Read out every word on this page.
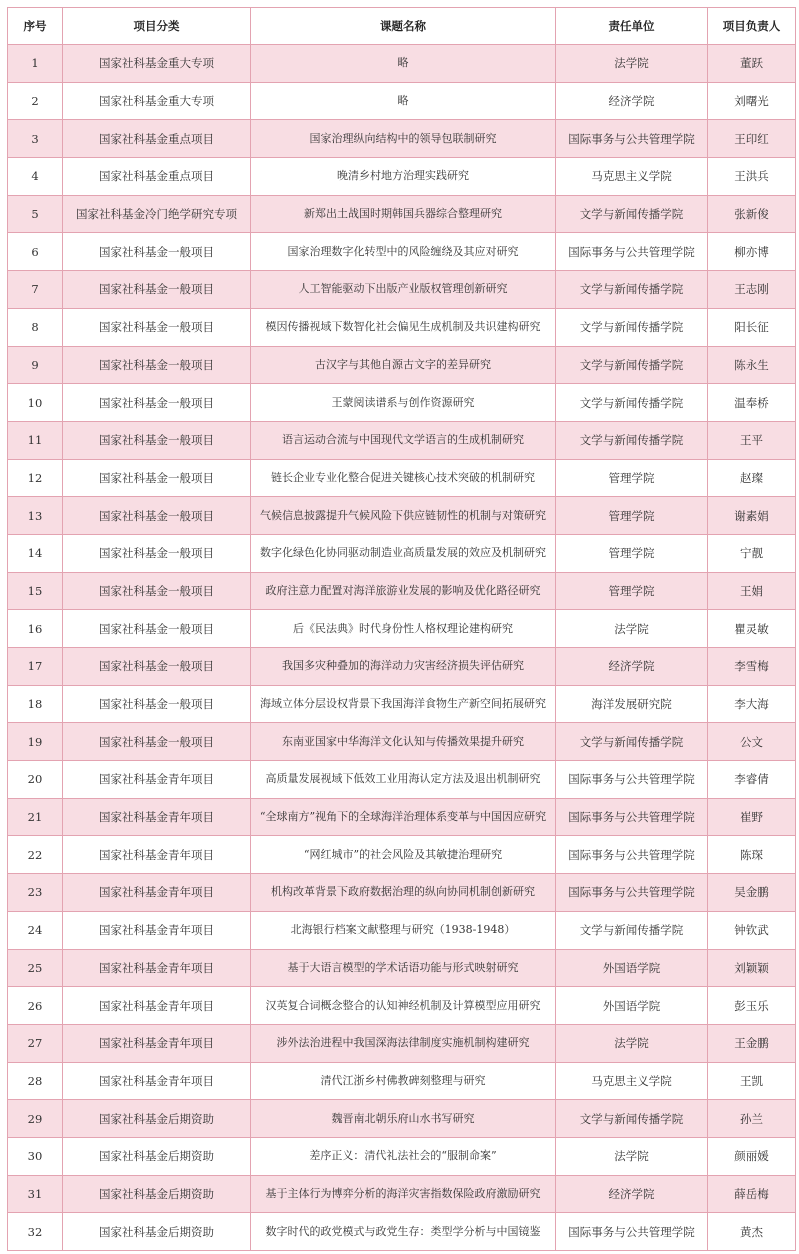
序号	项目分类	课题名称	责任单位	项目负责人
1	国家社科基金重大专项	略	法学院	董跃
2	国家社科基金重大专项	略	经济学院	刘曙光
3	国家社科基金重点项目	国家治理纵向结构中的领导包联制研究	国际事务与公共管理学院	王印红
4	国家社科基金重点项目	晚清乡村地方治理实践研究	马克思主义学院	王洪兵
5	国家社科基金冷门绝学研究专项	新郑出土战国时期韩国兵器综合整理研究	文学与新闻传播学院	张新俊
6	国家社科基金一般项目	国家治理数字化转型中的风险缠绕及其应对研究	国际事务与公共管理学院	柳亦博
7	国家社科基金一般项目	人工智能驱动下出版产业版权管理创新研究	文学与新闻传播学院	王志刚
8	国家社科基金一般项目	模因传播视域下数智化社会偏见生成机制及共识建构研究	文学与新闻传播学院	阳长征
9	国家社科基金一般项目	古汉字与其他自源古文字的差异研究	文学与新闻传播学院	陈永生
10	国家社科基金一般项目	王蒙阅读谱系与创作资源研究	文学与新闻传播学院	温奉桥
11	国家社科基金一般项目	语言运动合流与中国现代文学语言的生成机制研究	文学与新闻传播学院	王平
12	国家社科基金一般项目	链长企业专业化整合促进关键核心技术突破的机制研究	管理学院	赵璨
13	国家社科基金一般项目	气候信息披露提升气候风险下供应链韧性的机制与对策研究	管理学院	谢素娟
14	国家社科基金一般项目	数字化绿色化协同驱动制造业高质量发展的效应及机制研究	管理学院	宁靓
15	国家社科基金一般项目	政府注意力配置对海洋旅游业发展的影响及优化路径研究	管理学院	王娟
16	国家社科基金一般项目	后《民法典》时代身份性人格权理论建构研究	法学院	瞿灵敏
17	国家社科基金一般项目	我国多灾种叠加的海洋动力灾害经济损失评估研究	经济学院	李雪梅
18	国家社科基金一般项目	海域立体分层设权背景下我国海洋食物生产新空间拓展研究	海洋发展研究院	李大海
19	国家社科基金一般项目	东南亚国家中华海洋文化认知与传播效果提升研究	文学与新闻传播学院	公文
20	国家社科基金青年项目	高质量发展视域下低效工业用海认定方法及退出机制研究	国际事务与公共管理学院	李睿倩
21	国家社科基金青年项目	“全球南方”视角下的全球海洋治理体系变革与中国因应研究	国际事务与公共管理学院	崔野
22	国家社科基金青年项目	“网红城市”的社会风险及其敏捷治理研究	国际事务与公共管理学院	陈琛
23	国家社科基金青年项目	机构改革背景下政府数据治理的纵向协同机制创新研究	国际事务与公共管理学院	吴金鹏
24	国家社科基金青年项目	北海银行档案文献整理与研究（1938-1948）	文学与新闻传播学院	钟钦武
25	国家社科基金青年项目	基于大语言模型的学术话语功能与形式映射研究	外国语学院	刘颖颖
26	国家社科基金青年项目	汉英复合词概念整合的认知神经机制及计算模型应用研究	外国语学院	彭玉乐
27	国家社科基金青年项目	涉外法治进程中我国深海法律制度实施机制构建研究	法学院	王金鹏
28	国家社科基金青年项目	清代江浙乡村佛教碑刻整理与研究	马克思主义学院	王凯
29	国家社科基金后期资助	魏晋南北朝乐府山水书写研究	文学与新闻传播学院	孙兰
30	国家社科基金后期资助	差序正义：清代礼法社会的“服制命案”	法学院	颜丽媛
31	国家社科基金后期资助	基于主体行为博弈分析的海洋灾害指数保险政府激励研究	经济学院	薛岳梅
32	国家社科基金后期资助	数字时代的政党模式与政党生存：类型学分析与中国镜鉴	国际事务与公共管理学院	黄杰
